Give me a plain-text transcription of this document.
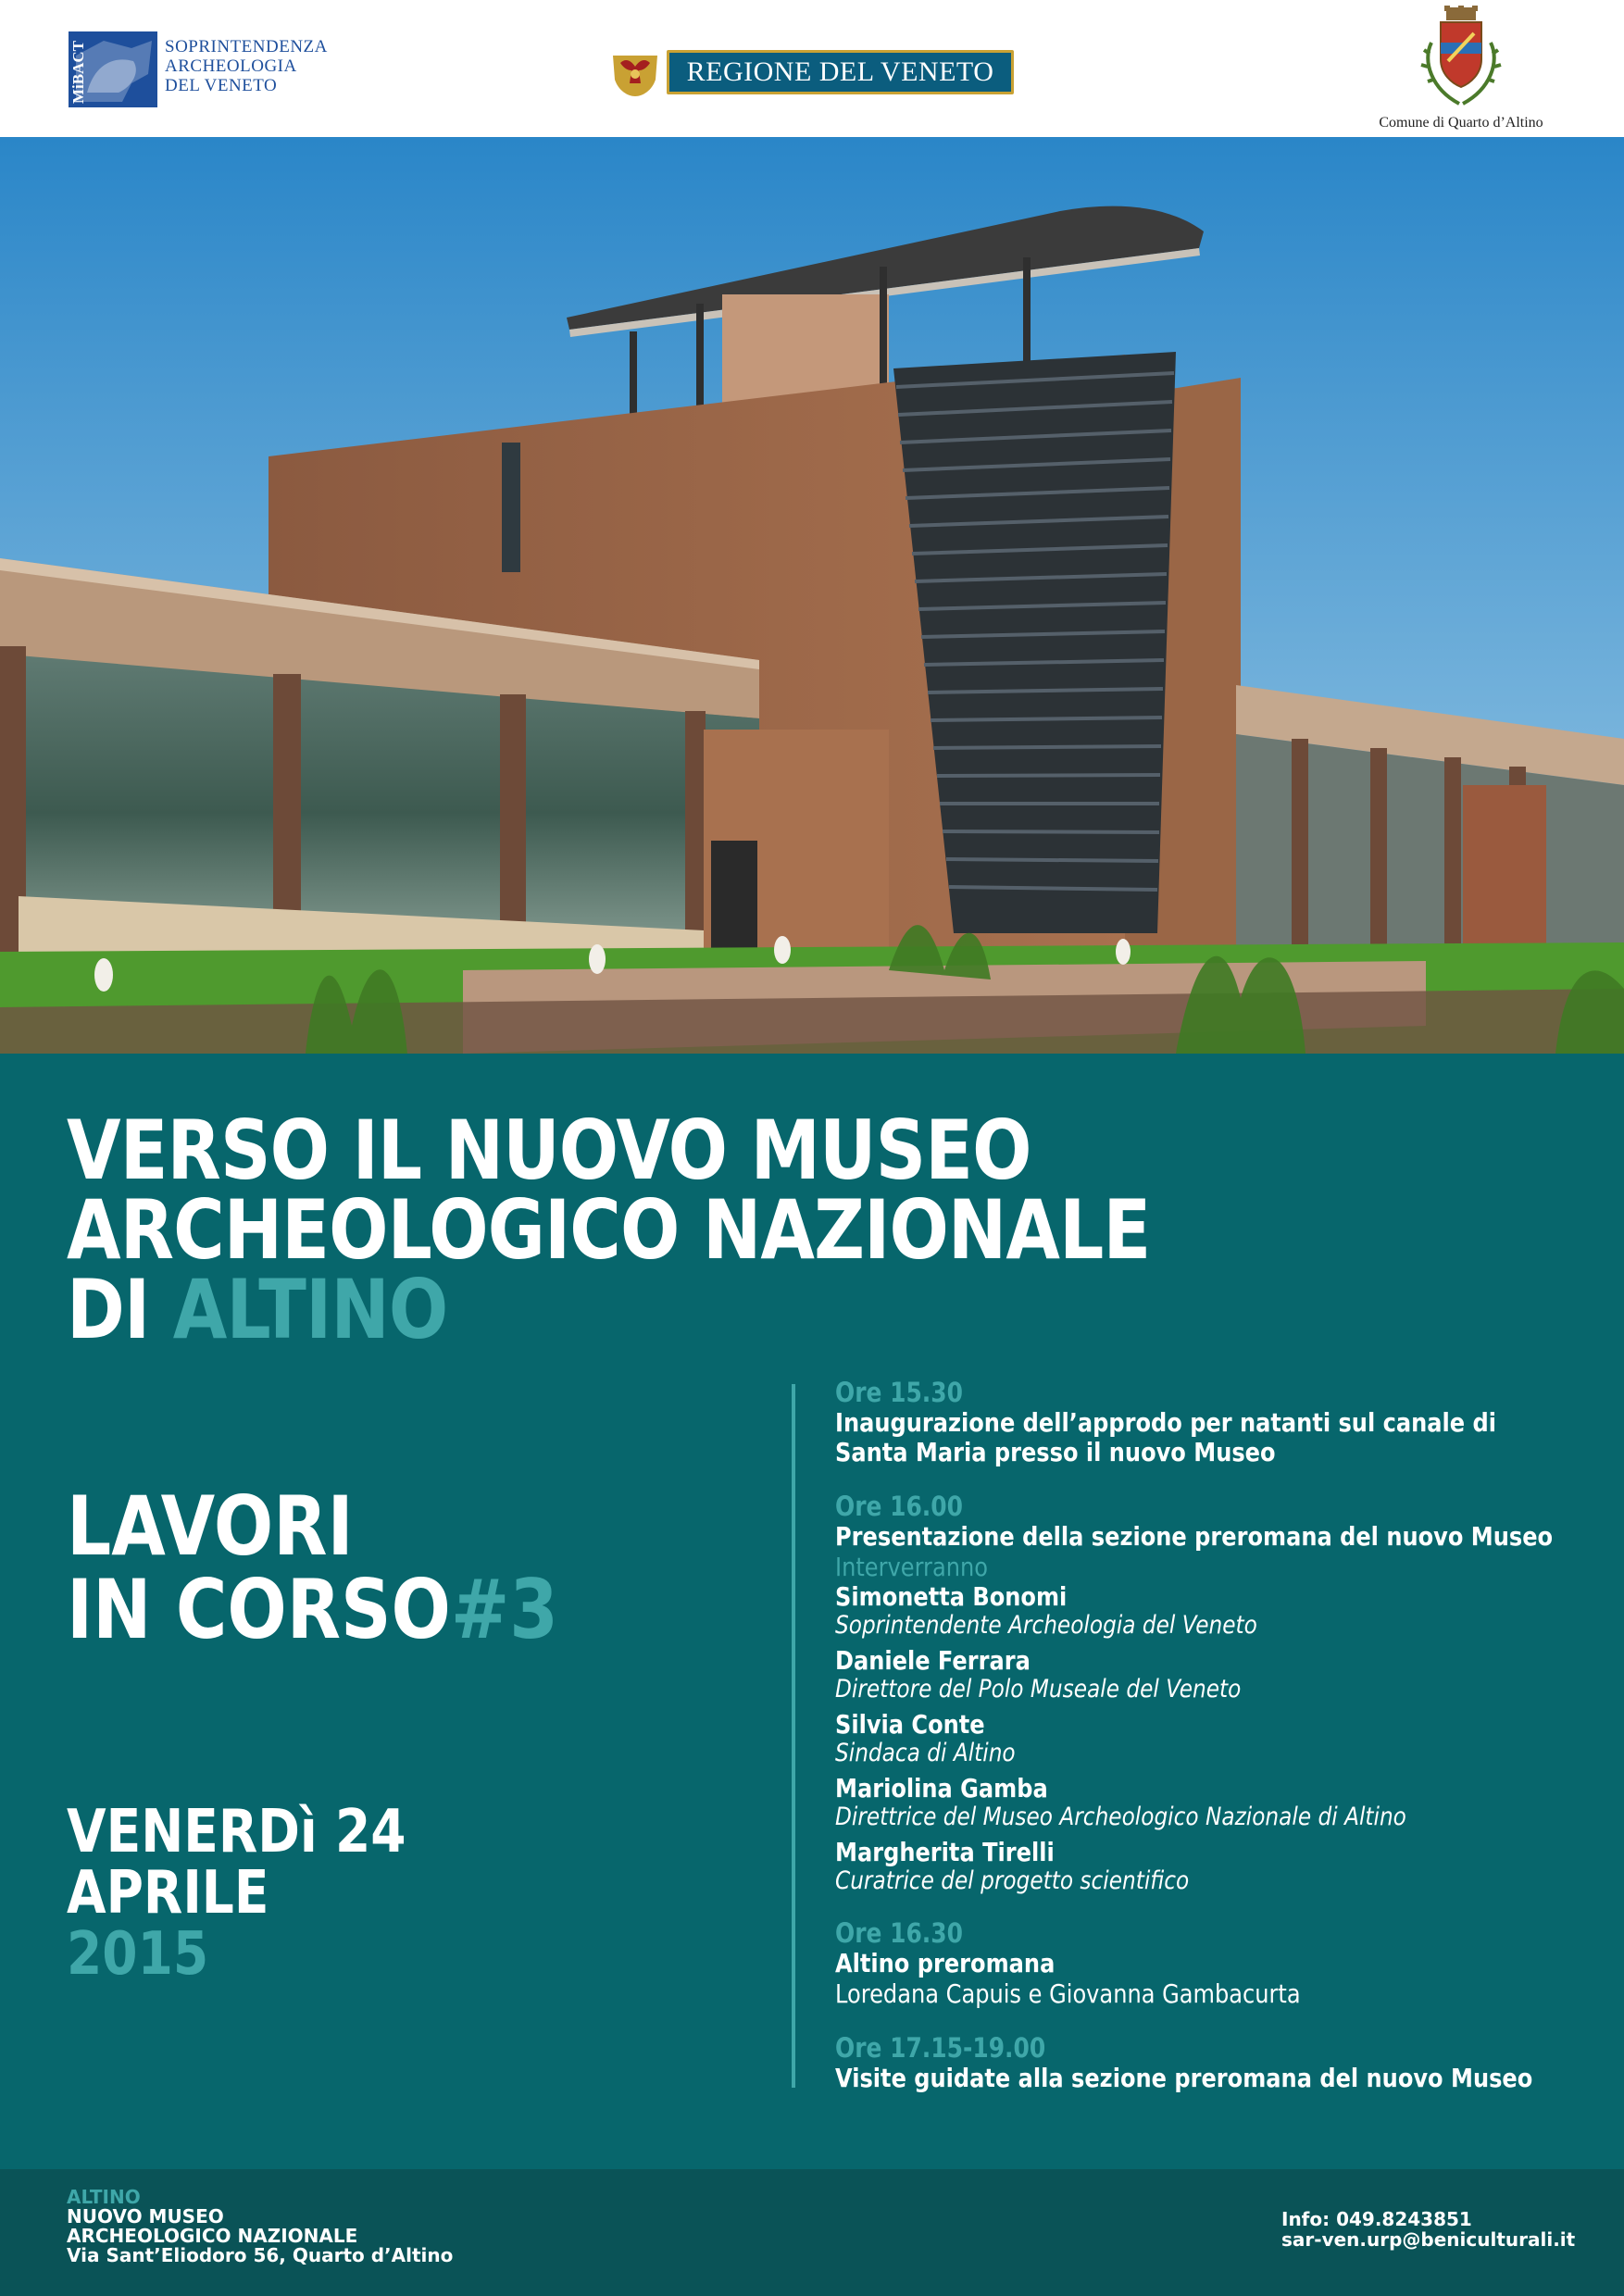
MiBACT	SOPRINTENDENZA
ARCHEOLOGIA
DEL VENETO	REGIONE DEL VENETO
Comune di Quarto d’Altino
VERSO IL NUOVO MUSEO
ARCHEOLOGICO NAZIONALE
DI ALTINO
LAVORI
IN CORSO#3
VENERDì 24
APRILE
2015
Ore 15.30
Inaugurazione dell’approdo per natanti sul canale di
Santa Maria presso il nuovo Museo
Ore 16.00
Presentazione della sezione preromana del nuovo Museo
Interverranno
Simonetta Bonomi
Soprintendente Archeologia del Veneto
Daniele Ferrara
Direttore del Polo Museale del Veneto
Silvia Conte
Sindaca di Altino
Mariolina Gamba
Direttrice del Museo Archeologico Nazionale di Altino
Margherita Tirelli
Curatrice del progetto scientifico
Ore 16.30
Altino preromana
Loredana Capuis e Giovanna Gambacurta
Ore 17.15-19.00
Visite guidate alla sezione preromana del nuovo Museo
ALTINO
NUOVO MUSEO
ARCHEOLOGICO NAZIONALE
Via Sant’Eliodoro 56, Quarto d’Altino
Info: 049.8243851
sar-ven.urp@beniculturali.it
